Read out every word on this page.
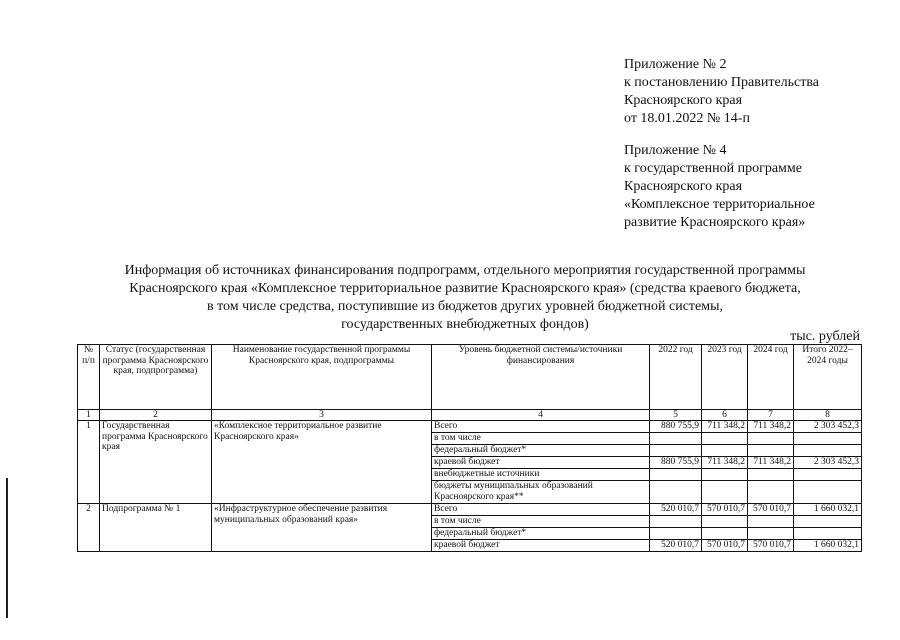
Приложение № 2
к постановлению Правительства
Красноярского края
от 18.01.2022 № 14-п
Приложение № 4
к государственной программе
Красноярского края
«Комплексное территориальное
развитие Красноярского края»
Информация об источниках финансирования подпрограмм, отдельного мероприятия государственной программы
Красноярского края «Комплексное территориальное развитие Красноярского края» (средства краевого бюджета,
в том числе средства, поступившие из бюджетов других уровней бюджетной системы,
государственных внебюджетных фондов)
тыс. рублей
№ п/п	Статус (государственная программа Красноярского края, подпрограмма)	Наименование государственной программы Красноярского края, подпрограммы	Уровень бюджетной системы/источники финансирования	2022 год	2023 год	2024 год	Итого 2022–2024 годы
1	2	3	4	5	6	7	8
1	Государственная программа Красноярского края	«Комплексное территориальное развитие Красноярского края»	Всего	880 755,9	711 348,2	711 348,2	2 303 452,3
			в том числе				
			федеральный бюджет*				
			краевой бюджет	880 755,9	711 348,2	711 348,2	2 303 452,3
			внебюджетные источники				
			бюджеты муниципальных образований Красноярского края**				
2	Подпрограмма № 1	«Инфраструктурное обеспечение развития муниципальных образований края»	Всего	520 010,7	570 010,7	570 010,7	1 660 032,1
			в том числе				
			федеральный бюджет*				
			краевой бюджет	520 010,7	570 010,7	570 010,7	1 660 032,1
